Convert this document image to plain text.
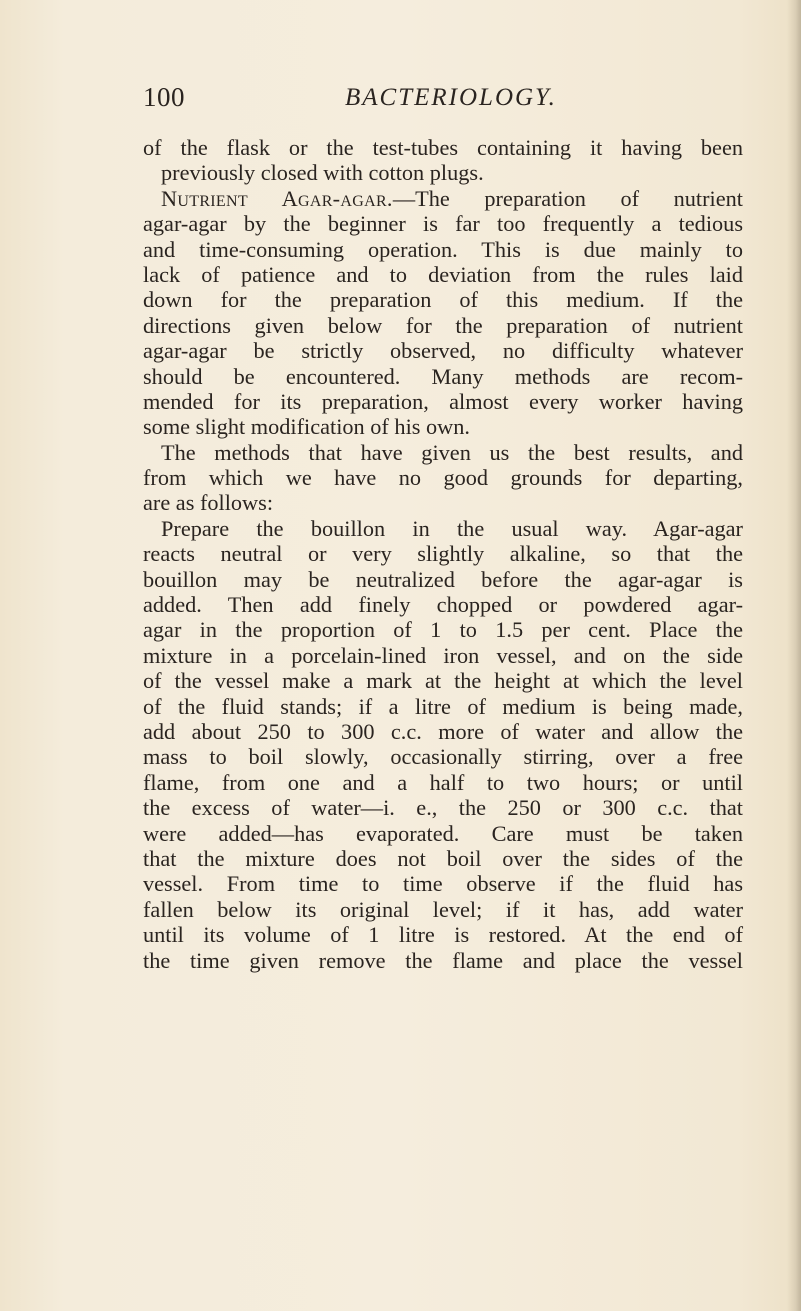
100	BACTERIOLOGY.
of the flask or the test-tubes containing it having been
previously closed with cotton plugs.
Nutrient Agar-agar.—The preparation of nutrient
agar-agar by the beginner is far too frequently a tedious
and time-consuming operation. This is due mainly to
lack of patience and to deviation from the rules laid
down for the preparation of this medium. If the
directions given below for the preparation of nutrient
agar-agar be strictly observed, no difficulty whatever
should be encountered. Many methods are recom-
mended for its preparation, almost every worker having
some slight modification of his own.
The methods that have given us the best results, and
from which we have no good grounds for departing,
are as follows:
Prepare the bouillon in the usual way. Agar-agar
reacts neutral or very slightly alkaline, so that the
bouillon may be neutralized before the agar-agar is
added. Then add finely chopped or powdered agar-
agar in the proportion of 1 to 1.5 per cent. Place the
mixture in a porcelain-lined iron vessel, and on the side
of the vessel make a mark at the height at which the level
of the fluid stands; if a litre of medium is being made,
add about 250 to 300 c.c. more of water and allow the
mass to boil slowly, occasionally stirring, over a free
flame, from one and a half to two hours; or until
the excess of water—i. e., the 250 or 300 c.c. that
were added—has evaporated. Care must be taken
that the mixture does not boil over the sides of the
vessel. From time to time observe if the fluid has
fallen below its original level; if it has, add water
until its volume of 1 litre is restored. At the end of
the time given remove the flame and place the vessel
